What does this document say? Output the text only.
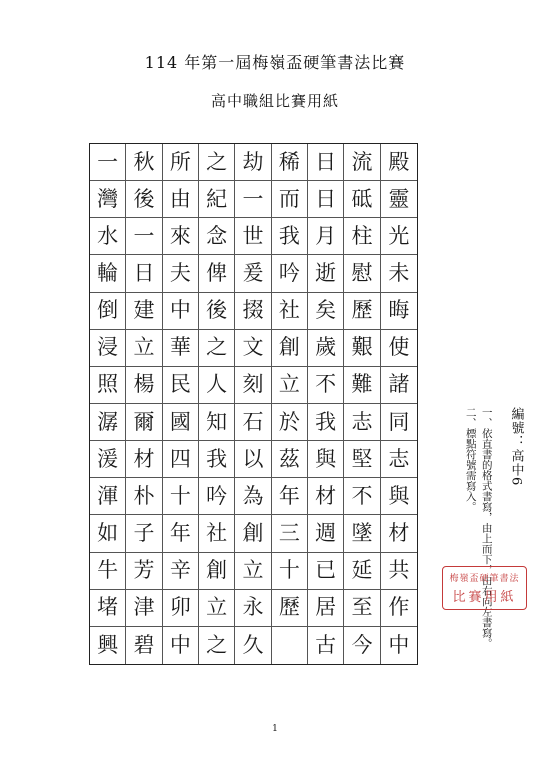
114 年第一屆梅嶺盃硬筆書法比賽
高中職組比賽用紙
一 秋 所 之 劫 稀 日 流 殿
灣 後 由 紀 一 而 日 砥 靈
水 一 來 念 世 我 月 柱 光
輪 日 夫 俾 爰 吟 逝 慰 未
倒 建 中 後 掇 社 矣 歷 晦
浸 立 華 之 文 創 歲 艱 使
照 楊 民 人 刻 立 不 難 諸
潺 爾 國 知 石 於 我 志 同
湲 材 四 我 以 茲 與 堅 志
渾 朴 十 吟 為 年 材 不 與
如 子 年 社 創 三 週 墜 材
牛 芳 辛 創 立 十 已 延 共
堵 津 卯 立 永 歷 居 至 作
興 碧 中 之 久	古 今 中
編號：高中6
一、依直書的格式書寫，由上而下，由右向左書寫。
二、標點符號需寫入。
梅嶺盃硬筆書法
比賽用紙
1
